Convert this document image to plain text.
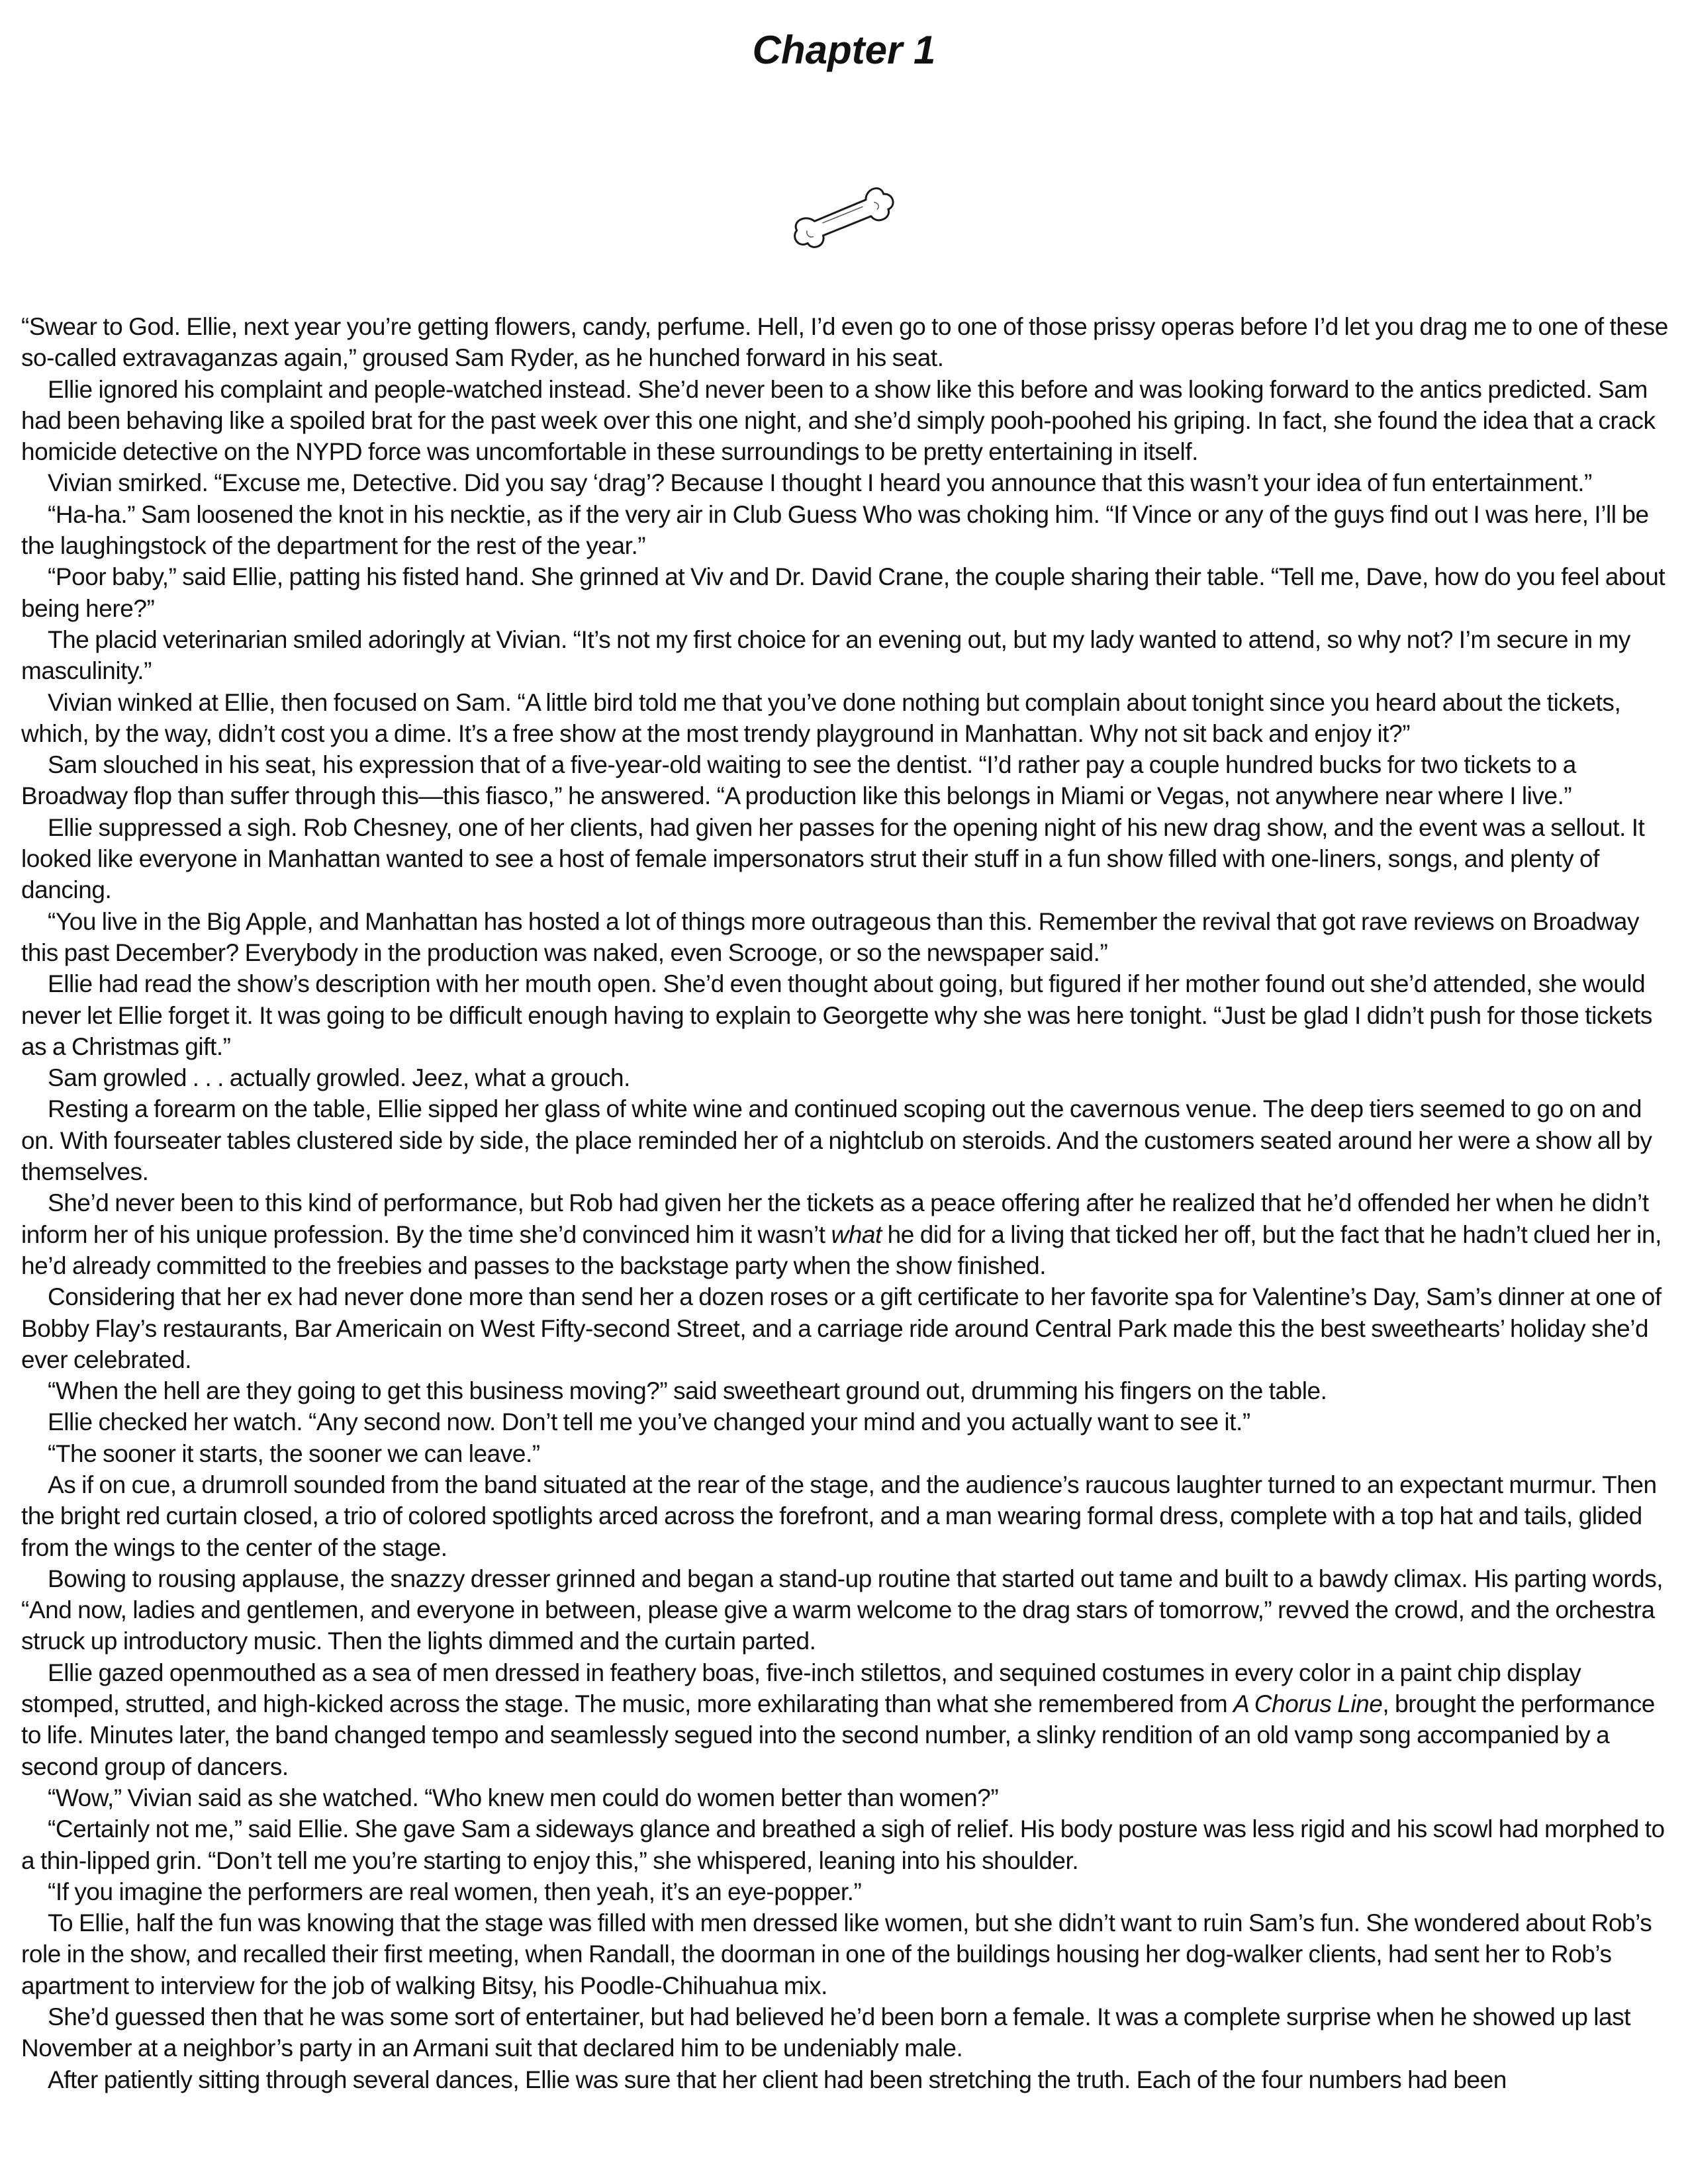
Chapter 1

“Swear to God. Ellie, next year you’re getting flowers, candy, perfume. Hell, I’d even go to one of those prissy operas before I’d let you drag me to one of these so-called extravaganzas again,” groused Sam Ryder, as he hunched forward in his seat.

Ellie ignored his complaint and people-watched instead. She’d never been to a show like this before and was looking forward to the antics predicted. Sam had been behaving like a spoiled brat for the past week over this one night, and she’d simply pooh-poohed his griping. In fact, she found the idea that a crack homicide detective on the NYPD force was uncomfortable in these surroundings to be pretty entertaining in itself.

Vivian smirked. “Excuse me, Detective. Did you say ‘drag’? Because I thought I heard you announce that this wasn’t your idea of fun entertainment.”

“Ha-ha.” Sam loosened the knot in his necktie, as if the very air in Club Guess Who was choking him. “If Vince or any of the guys find out I was here, I’ll be the laughingstock of the department for the rest of the year.”

“Poor baby,” said Ellie, patting his fisted hand. She grinned at Viv and Dr. David Crane, the couple sharing their table. “Tell me, Dave, how do you feel about being here?”

The placid veterinarian smiled adoringly at Vivian. “It’s not my first choice for an evening out, but my lady wanted to attend, so why not? I’m secure in my masculinity.”

Vivian winked at Ellie, then focused on Sam. “A little bird told me that you’ve done nothing but complain about tonight since you heard about the tickets, which, by the way, didn’t cost you a dime. It’s a free show at the most trendy playground in Manhattan. Why not sit back and enjoy it?”

Sam slouched in his seat, his expression that of a five-year-old waiting to see the dentist. “I’d rather pay a couple hundred bucks for two tickets to a Broadway flop than suffer through this—this fiasco,” he answered. “A production like this belongs in Miami or Vegas, not anywhere near where I live.”

Ellie suppressed a sigh. Rob Chesney, one of her clients, had given her passes for the opening night of his new drag show, and the event was a sellout. It looked like everyone in Manhattan wanted to see a host of female impersonators strut their stuff in a fun show filled with one-liners, songs, and plenty of dancing.

“You live in the Big Apple, and Manhattan has hosted a lot of things more outrageous than this. Remember the revival that got rave reviews on Broadway this past December? Everybody in the production was naked, even Scrooge, or so the newspaper said.”

Ellie had read the show’s description with her mouth open. She’d even thought about going, but figured if her mother found out she’d attended, she would never let Ellie forget it. It was going to be difficult enough having to explain to Georgette why she was here tonight. “Just be glad I didn’t push for those tickets as a Christmas gift.”

Sam growled . . . actually growled. Jeez, what a grouch.

Resting a forearm on the table, Ellie sipped her glass of white wine and continued scoping out the cavernous venue. The deep tiers seemed to go on and on. With fourseater tables clustered side by side, the place reminded her of a nightclub on steroids. And the customers seated around her were a show all by themselves.

She’d never been to this kind of performance, but Rob had given her the tickets as a peace offering after he realized that he’d offended her when he didn’t inform her of his unique profession. By the time she’d convinced him it wasn’t what he did for a living that ticked her off, but the fact that he hadn’t clued her in, he’d already committed to the freebies and passes to the backstage party when the show finished.

Considering that her ex had never done more than send her a dozen roses or a gift certificate to her favorite spa for Valentine’s Day, Sam’s dinner at one of Bobby Flay’s restaurants, Bar Americain on West Fifty-second Street, and a carriage ride around Central Park made this the best sweethearts’ holiday she’d ever celebrated.

“When the hell are they going to get this business moving?” said sweetheart ground out, drumming his fingers on the table.

Ellie checked her watch. “Any second now. Don’t tell me you’ve changed your mind and you actually want to see it.”

“The sooner it starts, the sooner we can leave.”

As if on cue, a drumroll sounded from the band situated at the rear of the stage, and the audience’s raucous laughter turned to an expectant murmur. Then the bright red curtain closed, a trio of colored spotlights arced across the forefront, and a man wearing formal dress, complete with a top hat and tails, glided from the wings to the center of the stage.

Bowing to rousing applause, the snazzy dresser grinned and began a stand-up routine that started out tame and built to a bawdy climax. His parting words, “And now, ladies and gentlemen, and everyone in between, please give a warm welcome to the drag stars of tomorrow,” revved the crowd, and the orchestra struck up introductory music. Then the lights dimmed and the curtain parted.

Ellie gazed openmouthed as a sea of men dressed in feathery boas, five-inch stilettos, and sequined costumes in every color in a paint chip display stomped, strutted, and high-kicked across the stage. The music, more exhilarating than what she remembered from A Chorus Line, brought the performance to life. Minutes later, the band changed tempo and seamlessly segued into the second number, a slinky rendition of an old vamp song accompanied by a second group of dancers.

“Wow,” Vivian said as she watched. “Who knew men could do women better than women?”

“Certainly not me,” said Ellie. She gave Sam a sideways glance and breathed a sigh of relief. His body posture was less rigid and his scowl had morphed to a thin-lipped grin. “Don’t tell me you’re starting to enjoy this,” she whispered, leaning into his shoulder.

“If you imagine the performers are real women, then yeah, it’s an eye-popper.”

To Ellie, half the fun was knowing that the stage was filled with men dressed like women, but she didn’t want to ruin Sam’s fun. She wondered about Rob’s role in the show, and recalled their first meeting, when Randall, the doorman in one of the buildings housing her dog-walker clients, had sent her to Rob’s apartment to interview for the job of walking Bitsy, his Poodle-Chihuahua mix.

She’d guessed then that he was some sort of entertainer, but had believed he’d been born a female. It was a complete surprise when he showed up last November at a neighbor’s party in an Armani suit that declared him to be undeniably male.

After patiently sitting through several dances, Ellie was sure that her client had been stretching the truth. Each of the four numbers had been
